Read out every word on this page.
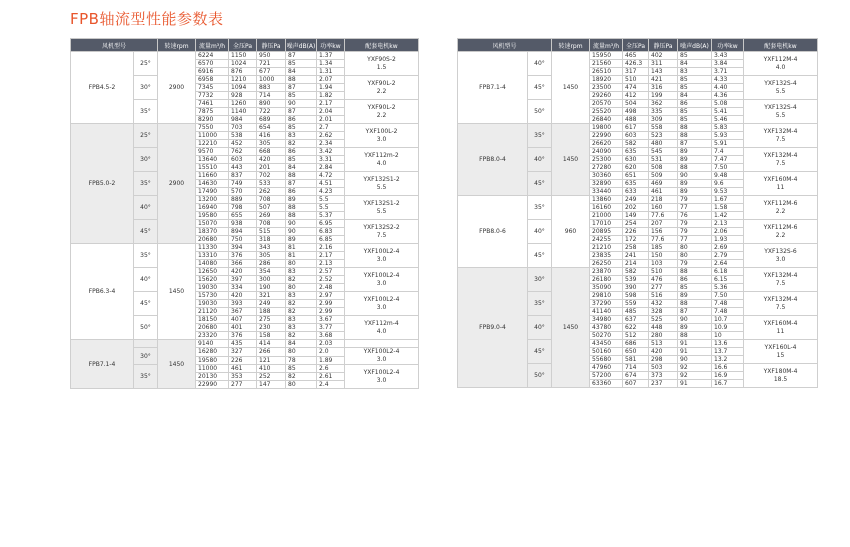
FPB轴流型性能参数表
风机型号		转速rpm	流量m³/h	全压Pa	静压Pa	噪声dB(A)	功率kw	配套电机kw
FPB4.5-2	25°	2900	6224	1150	950	87	1.37	YXF90S-2
1.5

			6570	1024	721	85	1.34	
			6916	876	677	84	1.31	
	30°		6958	1210	1000	88	2.07	YXF90L-2
2.2

			7345	1094	883	87	1.94	
			7732	928	714	85	1.82	
	35°		7461	1260	890	90	2.17	YXF90L-2
2.2

			7875	1140	722	87	2.04	
			8290	984	689	86	2.01	
FPB5.0-2	25°	2900	7550	703	654	85	2.7	YXF100L-2
3.0

			11000	538	416	83	2.62	
			12210	452	305	82	2.34	
	30°		9570	762	668	86	3.42	YXF112m-2
4.0

			13640	603	420	85	3.31	
			15510	443	201	84	2.84	
	35°		11660	837	702	88	4.72	YXF132S1-2
5.5

			14630	749	533	87	4.51	
			17490	570	262	86	4.23	
	40°		13200	889	708	89	5.5	YXF132S1-2
5.5

			16940	798	507	88	5.5	
			19580	655	269	88	5.37	
	45°		15070	938	708	90	6.95	YXF132S2-2
7.5

			18370	894	515	90	6.83	
			20680	750	318	89	6.85	
FPB6.3-4	35°	1450	11330	394	343	81	2.16	YXF100L2-4
3.0

			13310	376	305	81	2.17	
			14080	366	286	80	2.13	
	40°		12650	420	354	83	2.57	YXF100L2-4
3.0

			15620	397	300	82	2.52	
			19030	334	190	80	2.48	
	45°		15730	420	321	83	2.97	YXF100L2-4
3.0

			19030	393	249	82	2.99	
			21120	367	188	82	2.99	
	50°		18150	407	275	83	3.67	YXF112m-4
4.0

			20680	401	230	83	3.77	
			23320	376	158	82	3.68	
FPB7.1-4		1450	9140	435	414	84	2.03	

	30°		16280	327	266	80	2.0	YXF100L2-4
3.0

			19580	226	121	78	1.89	
	35°		11000	461	410	85	2.6	YXF100L2-4
3.0

			20130	353	252	82	2.61	
			22990	277	147	80	2.4	
风机型号		转速rpm	流量m³/h	全压Pa	静压Pa	噪声dB(A)	功率kw	配套电机kw
FPB7.1-4	40°	1450	15950	465	402	85	3.43	YXF112M-4
4.0

			21560	426.3	311	84	3.84	
			26510	317	143	83	3.71	
	45°		18920	510	421	85	4.33	YXF132S-4
5.5

			23500	474	316	85	4.40	
			29260	412	199	84	4.36	
	50°		20570	504	362	86	5.08	YXF132S-4
5.5

			25520	498	335	85	5.41	
			26840	488	309	85	5.46	
FPB8.0-4	35°	1450	19800	617	558	88	5.83	YXF132M-4
7.5

			22990	603	523	88	5.93	
			26620	582	480	87	5.91	
	40°		24090	635	545	89	7.4	YXF132M-4
7.5

			25300	630	531	89	7.47	
			27280	620	508	88	7.50	
	45°		30360	651	509	90	9.48	YXF160M-4
11

			32890	635	469	89	9.6	
			33440	633	461	89	9.53	
FPB8.0-6	35°	960	13860	249	218	79	1.67	YXF112M-6
2.2

			16160	202	160	77	1.58	
			21000	149	77.6	76	1.42	
	40°		17010	254	207	79	2.13	YXF112M-6
2.2

			20895	226	156	79	2.06	
			24255	172	77.6	77	1.93	
	45°		21210	258	185	80	2.69	YXF132S-6
3.0

			23835	241	150	80	2.79	
			26250	214	103	79	2.64	
FPB9.0-4	30°	1450	23870	582	510	88	6.18	YXF132M-4
7.5

			26180	539	476	86	6.15	
			35090	390	277	85	5.36	
	35°		29810	598	516	89	7.50	YXF132M-4
7.5

			37290	559	432	88	7.48	
			41140	485	328	87	7.48	
	40°		34980	637	525	90	10.7	YXF160M-4
11

			43780	622	448	89	10.9	
			50270	512	280	88	10	
	45°		43450	686	513	91	13.6	YXF160L-4
15

			50160	650	420	91	13.7	
			55680	581	298	90	13.2	
	50°		47960	714	503	92	16.6	YXF180M-4
18.5

			57200	674	373	92	16.9	
			63360	607	237	91	16.7	
